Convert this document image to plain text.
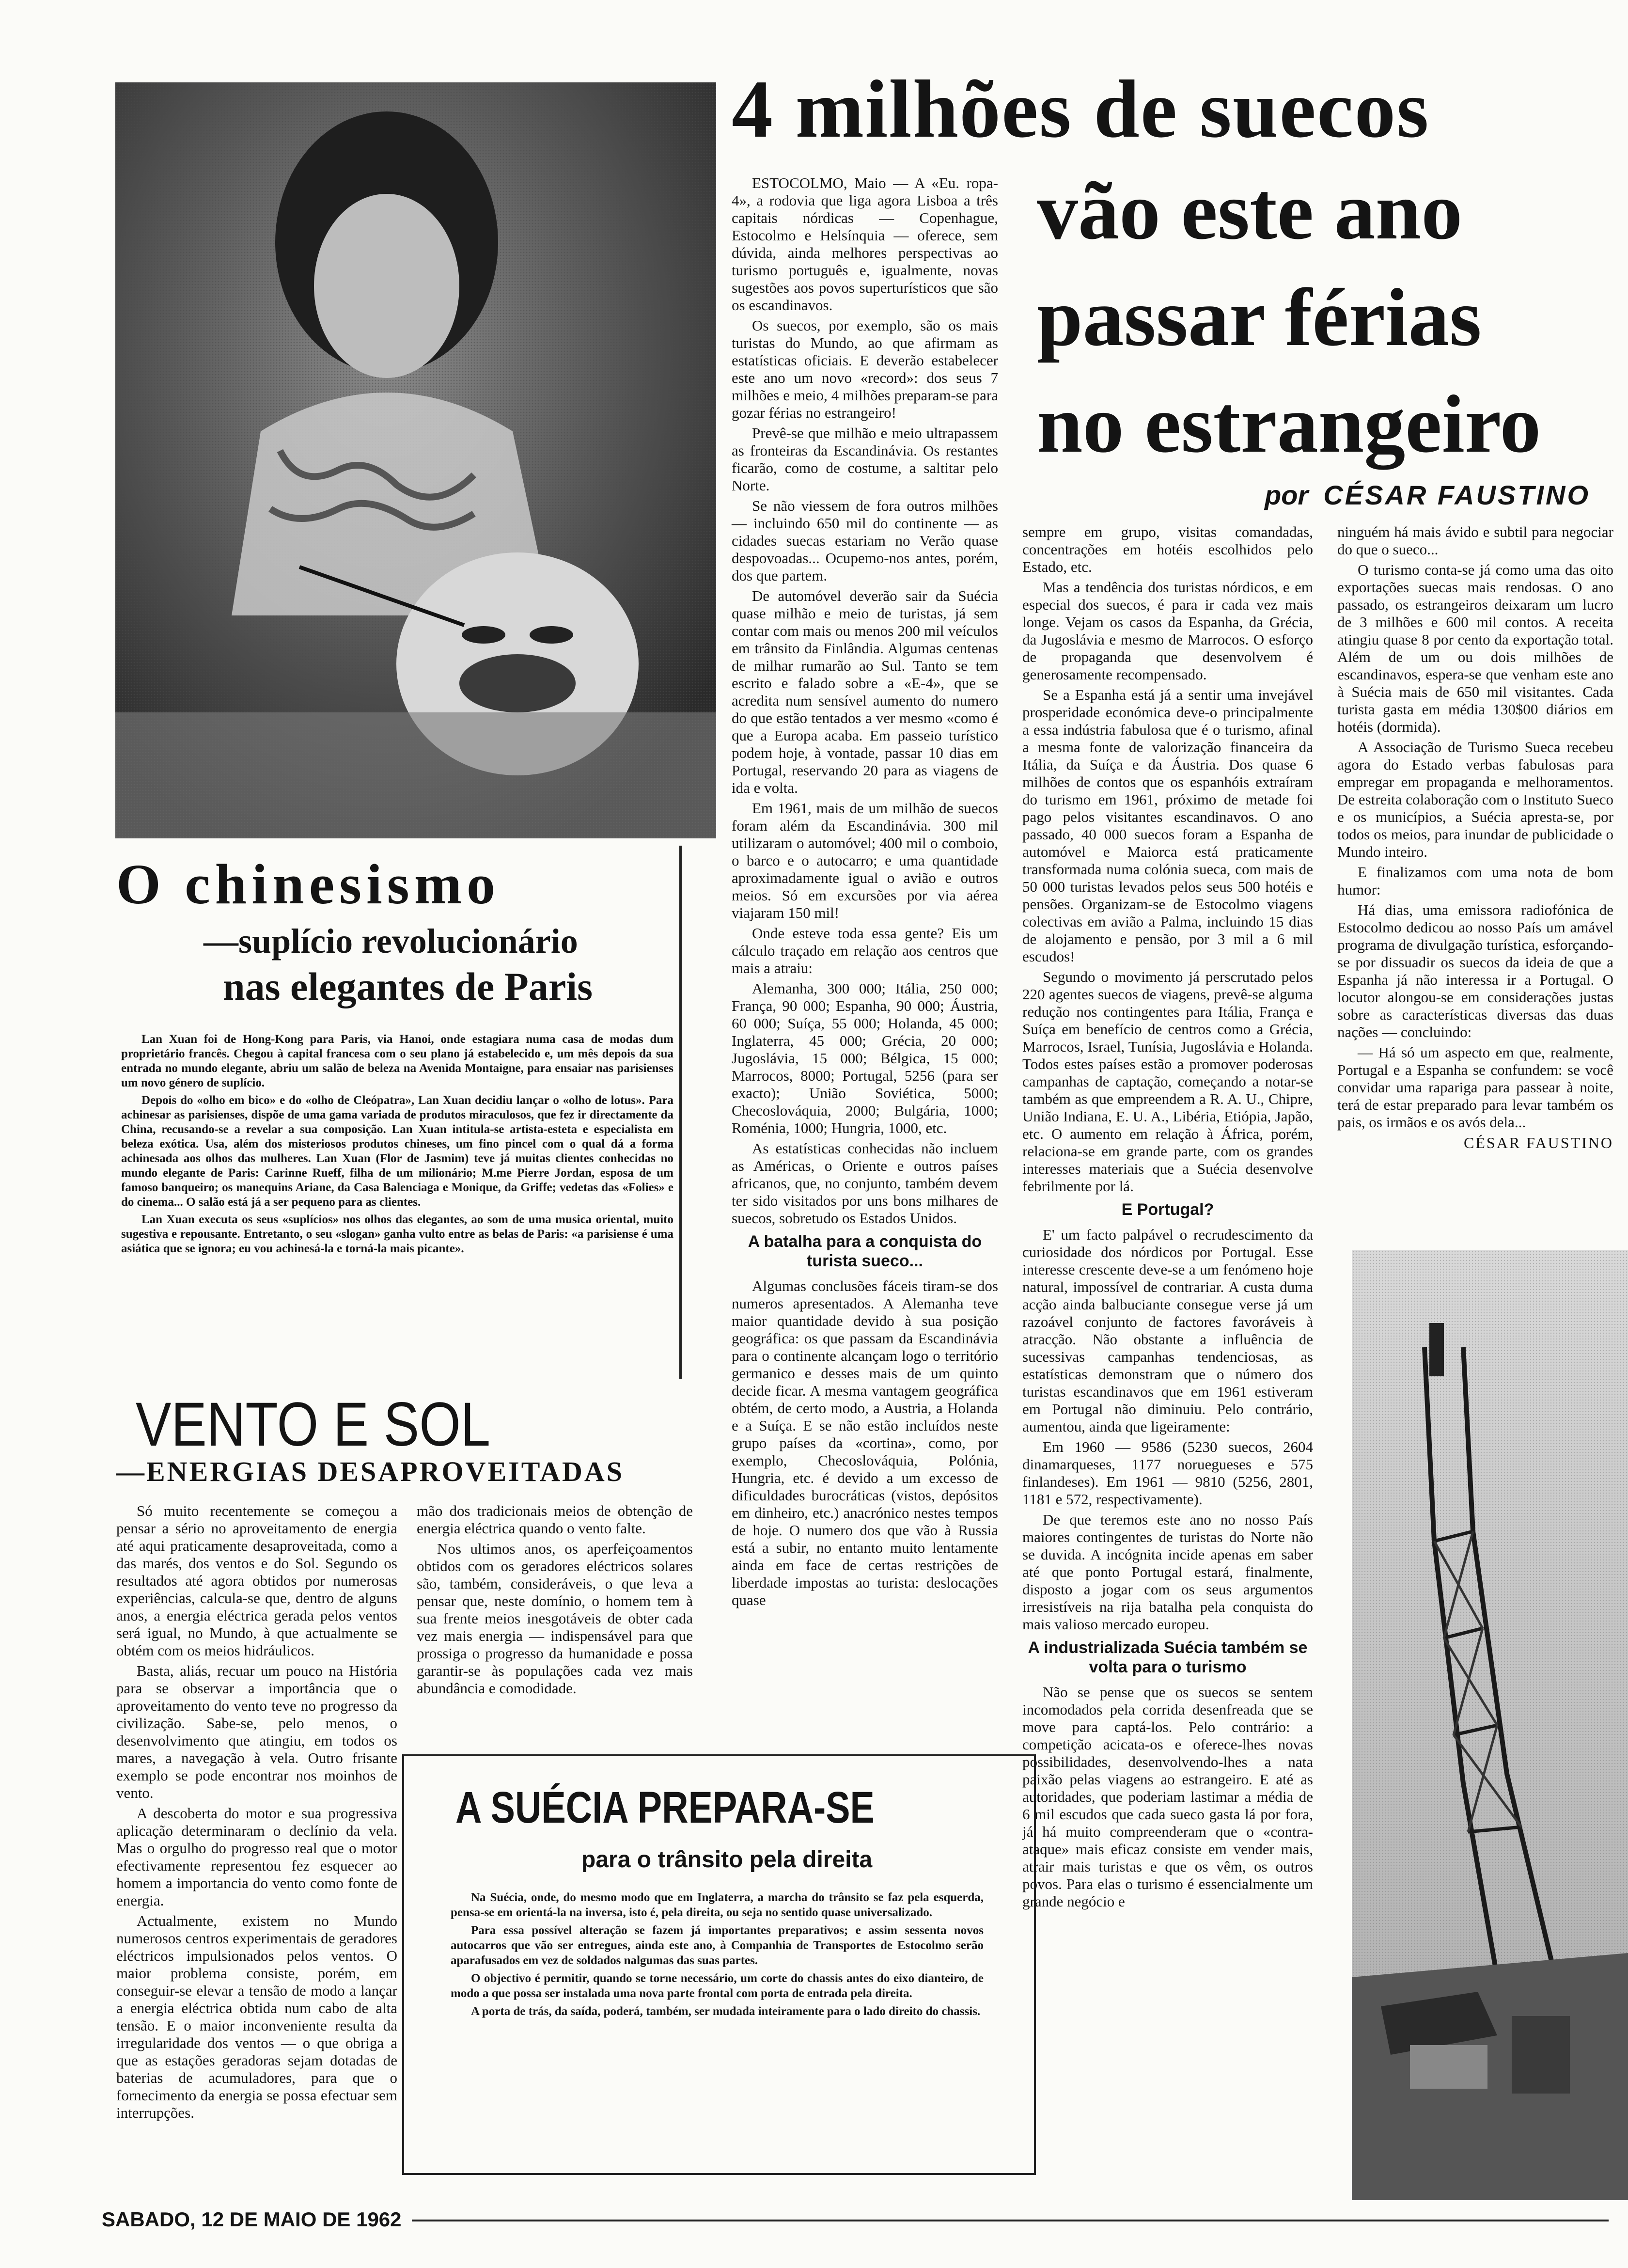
O chinesismo
—suplício revolucionário
nas elegantes de Paris

Lan Xuan foi de Hong-Kong para Paris, via Hanoi, onde estagiara numa casa de modas dum proprietário francês. Chegou à capital francesa com o seu plano já estabelecido e, um mês depois da sua entrada no mundo elegante, abriu um salão de beleza na Avenida Montaigne, para ensaiar nas parisienses um novo género de suplício.

Depois do «olho em bico» e do «olho de Cleópatra», Lan Xuan decidiu lançar o «olho de lotus». Para achinesar as parisienses, dispõe de uma gama variada de produtos miraculosos, que fez ir directamente da China, recusando-se a revelar a sua composição. Lan Xuan intitula-se artista-esteta e especialista em beleza exótica. Usa, além dos misteriosos produtos chineses, um fino pincel com o qual dá a forma achinesada aos olhos das mulheres. Lan Xuan (Flor de Jasmim) teve já muitas clientes conhecidas no mundo elegante de Paris: Carinne Rueff, filha de um milionário; M.me Pierre Jordan, esposa de um famoso banqueiro; os manequins Ariane, da Casa Balenciaga e Monique, da Griffe; vedetas das «Folies» e do cinema... O salão está já a ser pequeno para as clientes.

Lan Xuan executa os seus «suplícios» nos olhos das elegantes, ao som de uma musica oriental, muito sugestiva e repousante. Entretanto, o seu «slogan» ganha vulto entre as belas de Paris: «a parisiense é uma asiática que se ignora; eu vou achinesá-la e torná-la mais picante».

VENTO E SOL
—ENERGIAS DESAPROVEITADAS

Só muito recentemente se começou a pensar a sério no aproveitamento de energia até aqui praticamente desaproveitada, como a das marés, dos ventos e do Sol. Segundo os resultados até agora obtidos por numerosas experiências, calcula-se que, dentro de alguns anos, a energia eléctrica gerada pelos ventos será igual, no Mundo, à que actualmente se obtém com os meios hidráulicos.

Basta, aliás, recuar um pouco na História para se observar a importância que o aproveitamento do vento teve no progresso da civilização. Sabe-se, pelo menos, o desenvolvimento que atingiu, em todos os mares, a navegação à vela. Outro frisante exemplo se pode encontrar nos moinhos de vento.

A descoberta do motor e sua progressiva aplicação determinaram o declínio da vela. Mas o orgulho do progresso real que o motor efectivamente representou fez esquecer ao homem a importancia do vento como fonte de energia.

Actualmente, existem no Mundo numerosos centros experimentais de geradores eléctricos impulsionados pelos ventos. O maior problema consiste, porém, em conseguir-se elevar a tensão de modo a lançar a energia eléctrica obtida num cabo de alta tensão. E o maior inconveniente resulta da irregularidade dos ventos — o que obriga a que as estações geradoras sejam dotadas de baterias de acumuladores, para que o fornecimento da energia se possa efectuar sem interrupções.

mão dos tradicionais meios de obtenção de energia eléctrica quando o vento falte.

Nos ultimos anos, os aperfeiçoamentos obtidos com os geradores eléctricos solares são, também, consideráveis, o que leva a pensar que, neste domínio, o homem tem à sua frente meios inesgotáveis de obter cada vez mais energia — indispensável para que prossiga o progresso da humanidade e possa garantir-se às populações cada vez mais abundância e comodidade.

A SUÉCIA PREPARA-SE
para o trânsito pela direita

Na Suécia, onde, do mesmo modo que em Inglaterra, a marcha do trânsito se faz pela esquerda, pensa-se em orientá-la na inversa, isto é, pela direita, ou seja no sentido quase universalizado.

Para essa possível alteração se fazem já importantes preparativos; e assim sessenta novos autocarros que vão ser entregues, ainda este ano, à Companhia de Transportes de Estocolmo serão aparafusados em vez de soldados nalgumas das suas partes.

O objectivo é permitir, quando se torne necessário, um corte do chassis antes do eixo dianteiro, de modo a que possa ser instalada uma nova parte frontal com porta de entrada pela direita.

A porta de trás, da saída, poderá, também, ser mudada inteiramente para o lado direito do chassis.

4 milhões de suecos
vão este ano
passar férias
no estrangeiro
por CÉSAR FAUSTINO

ESTOCOLMO, Maio — A «Eu. ropa-4», a rodovia que liga agora Lisboa a três capitais nórdicas — Copenhague, Estocolmo e Helsínquia — oferece, sem dúvida, ainda melhores perspectivas ao turismo português e, igualmente, novas sugestões aos povos superturísticos que são os escandinavos.

Os suecos, por exemplo, são os mais turistas do Mundo, ao que afirmam as estatísticas oficiais. E deverão estabelecer este ano um novo «record»: dos seus 7 milhões e meio, 4 milhões preparam-se para gozar férias no estrangeiro!

Prevê-se que milhão e meio ultrapassem as fronteiras da Escandinávia. Os restantes ficarão, como de costume, a saltitar pelo Norte.

Se não viessem de fora outros milhões — incluindo 650 mil do continente — as cidades suecas estariam no Verão quase despovoadas... Ocupemo-nos antes, porém, dos que partem.

De automóvel deverão sair da Suécia quase milhão e meio de turistas, já sem contar com mais ou menos 200 mil veículos em trânsito da Finlândia. Algumas centenas de milhar rumarão ao Sul. Tanto se tem escrito e falado sobre a «E-4», que se acredita num sensível aumento do numero do que estão tentados a ver mesmo «como é que a Europa acaba. Em passeio turístico podem hoje, à vontade, passar 10 dias em Portugal, reservando 20 para as viagens de ida e volta.

Em 1961, mais de um milhão de suecos foram além da Escandinávia. 300 mil utilizaram o automóvel; 400 mil o comboio, o barco e o autocarro; e uma quantidade aproximadamente igual o avião e outros meios. Só em excursões por via aérea viajaram 150 mil!

Onde esteve toda essa gente? Eis um cálculo traçado em relação aos centros que mais a atraiu:

Alemanha, 300 000; Itália, 250 000; França, 90 000; Espanha, 90 000; Áustria, 60 000; Suíça, 55 000; Holanda, 45 000; Inglaterra, 45 000; Grécia, 20 000; Jugoslávia, 15 000; Bélgica, 15 000; Marrocos, 8000; Portugal, 5256 (para ser exacto); União Soviética, 5000; Checoslováquia, 2000; Bulgária, 1000; Roménia, 1000; Hungria, 1000, etc.

As estatísticas conhecidas não incluem as Américas, o Oriente e outros países africanos, que, no conjunto, também devem ter sido visitados por uns bons milhares de suecos, sobretudo os Estados Unidos.

A batalha para a conquista do turista sueco...

Algumas conclusões fáceis tiram-se dos numeros apresentados. A Alemanha teve maior quantidade devido à sua posição geográfica: os que passam da Escandinávia para o continente alcançam logo o território germanico e desses mais de um quinto decide ficar. A mesma vantagem geográfica obtém, de certo modo, a Austria, a Holanda e a Suíça. E se não estão incluídos neste grupo países da «cortina», como, por exemplo, Checoslováquia, Polónia, Hungria, etc. é devido a um excesso de dificuldades burocráticas (vistos, depósitos em dinheiro, etc.) anacrónico nestes tempos de hoje. O numero dos que vão à Russia está a subir, no entanto muito lentamente ainda em face de certas restrições de liberdade impostas ao turista: deslocações quase

sempre em grupo, visitas comandadas, concentrações em hotéis escolhidos pelo Estado, etc.

Mas a tendência dos turistas nórdicos, e em especial dos suecos, é para ir cada vez mais longe. Vejam os casos da Espanha, da Grécia, da Jugoslávia e mesmo de Marrocos. O esforço de propaganda que desenvolvem é generosamente recompensado.

Se a Espanha está já a sentir uma invejável prosperidade económica deve-o principalmente a essa indústria fabulosa que é o turismo, afinal a mesma fonte de valorização financeira da Itália, da Suíça e da Áustria. Dos quase 6 milhões de contos que os espanhóis extraíram do turismo em 1961, próximo de metade foi pago pelos visitantes escandinavos. O ano passado, 40 000 suecos foram a Espanha de automóvel e Maiorca está praticamente transformada numa colónia sueca, com mais de 50 000 turistas levados pelos seus 500 hotéis e pensões. Organizam-se de Estocolmo viagens colectivas em avião a Palma, incluindo 15 dias de alojamento e pensão, por 3 mil a 6 mil escudos!

Segundo o movimento já perscrutado pelos 220 agentes suecos de viagens, prevê-se alguma redução nos contingentes para Itália, França e Suíça em benefício de centros como a Grécia, Marrocos, Israel, Tunísia, Jugoslávia e Holanda. Todos estes países estão a promover poderosas campanhas de captação, começando a notar-se também as que empreendem a R. A. U., Chipre, União Indiana, E. U. A., Libéria, Etiópia, Japão, etc. O aumento em relação à África, porém, relaciona-se em grande parte, com os grandes interesses materiais que a Suécia desenvolve febrilmente por lá.

E Portugal?

E' um facto palpável o recrudescimento da curiosidade dos nórdicos por Portugal. Esse interesse crescente deve-se a um fenómeno hoje natural, impossível de contrariar. A custa duma acção ainda balbuciante consegue verse já um razoável conjunto de factores favoráveis à atracção. Não obstante a influência de sucessivas campanhas tendenciosas, as estatísticas demonstram que o número dos turistas escandinavos que em 1961 estiveram em Portugal não diminuiu. Pelo contrário, aumentou, ainda que ligeiramente:

Em 1960 — 9586 (5230 suecos, 2604 dinamarqueses, 1177 noruegueses e 575 finlandeses). Em 1961 — 9810 (5256, 2801, 1181 e 572, respectivamente).

De que teremos este ano no nosso País maiores contingentes de turistas do Norte não se duvida. A incógnita incide apenas em saber até que ponto Portugal estará, finalmente, disposto a jogar com os seus argumentos irresistíveis na rija batalha pela conquista do mais valioso mercado europeu.

A industrializada Suécia também se volta para o turismo

Não se pense que os suecos se sentem incomodados pela corrida desenfreada que se move para captá-los. Pelo contrário: a competição acicata-os e oferece-lhes novas possibilidades, desenvolvendo-lhes a nata paixão pelas viagens ao estrangeiro. E até as autoridades, que poderiam lastimar a média de 6 mil escudos que cada sueco gasta lá por fora, já há muito compreenderam que o «contra-ataque» mais eficaz consiste em vender mais, atrair mais turistas e que os vêm, os outros povos. Para elas o turismo é essencialmente um grande negócio e

ninguém há mais ávido e subtil para negociar do que o sueco...

O turismo conta-se já como uma das oito exportações suecas mais rendosas. O ano passado, os estrangeiros deixaram um lucro de 3 milhões e 600 mil contos. A receita atingiu quase 8 por cento da exportação total. Além de um ou dois milhões de escandinavos, espera-se que venham este ano à Suécia mais de 650 mil visitantes. Cada turista gasta em média 130$00 diários em hotéis (dormida).

A Associação de Turismo Sueca recebeu agora do Estado verbas fabulosas para empregar em propaganda e melhoramentos. De estreita colaboração com o Instituto Sueco e os municípios, a Suécia apresta-se, por todos os meios, para inundar de publicidade o Mundo inteiro.

E finalizamos com uma nota de bom humor:

Há dias, uma emissora radiofónica de Estocolmo dedicou ao nosso País um amável programa de divulgação turística, esforçando-se por dissuadir os suecos da ideia de que a Espanha já não interessa ir a Portugal. O locutor alongou-se em considerações justas sobre as características diversas das duas nações — concluindo:

— Há só um aspecto em que, realmente, Portugal e a Espanha se confundem: se você convidar uma rapariga para passear à noite, terá de estar preparado para levar também os pais, os irmãos e os avós dela...

CÉSAR FAUSTINO
SABADO, 12 DE MAIO DE 1962
